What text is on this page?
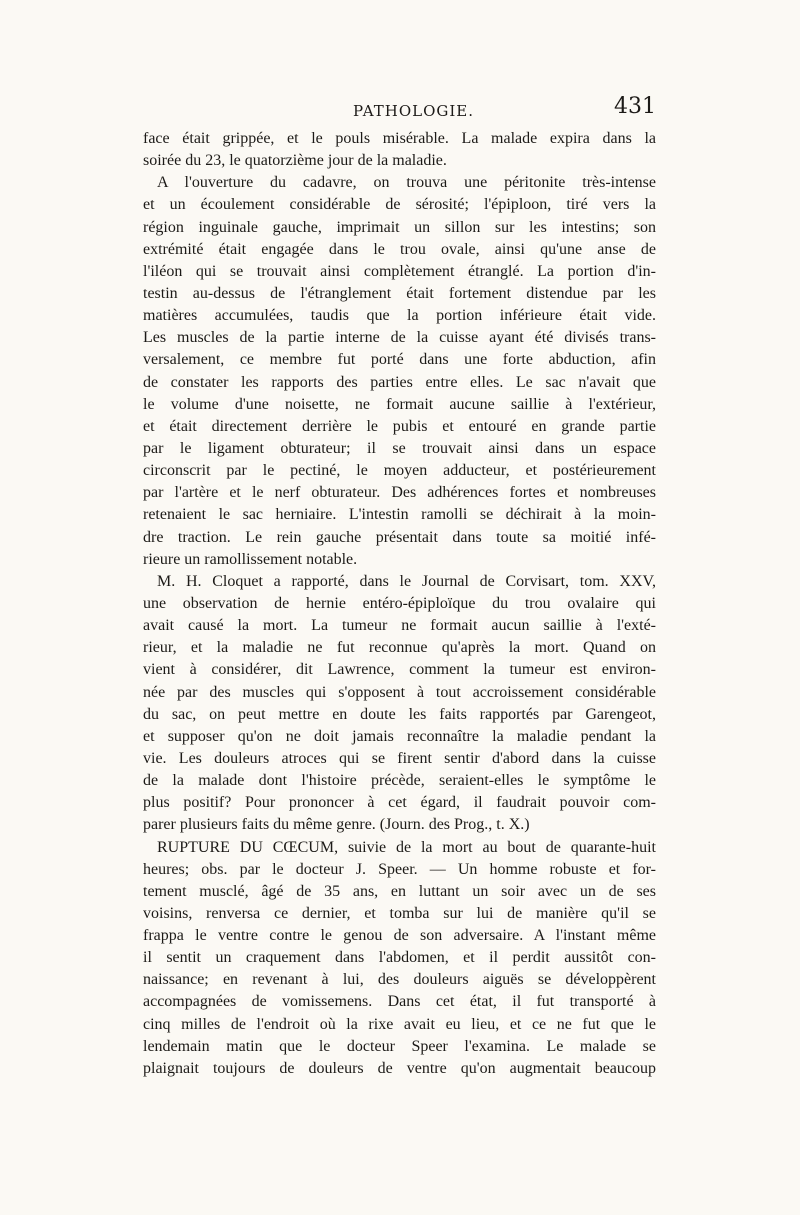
PATHOLOGIE.	431
face était grippée, et le pouls misérable. La malade expira dans la
soirée du 23, le quatorzième jour de la maladie.
A l'ouverture du cadavre, on trouva une péritonite très-intense
et un écoulement considérable de sérosité; l'épiploon, tiré vers la
région inguinale gauche, imprimait un sillon sur les intestins; son
extrémité était engagée dans le trou ovale, ainsi qu'une anse de
l'iléon qui se trouvait ainsi complètement étranglé. La portion d'in-
testin au-dessus de l'étranglement était fortement distendue par les
matières accumulées, taudis que la portion inférieure était vide.
Les muscles de la partie interne de la cuisse ayant été divisés trans-
versalement, ce membre fut porté dans une forte abduction, afin
de constater les rapports des parties entre elles. Le sac n'avait que
le volume d'une noisette, ne formait aucune saillie à l'extérieur,
et était directement derrière le pubis et entouré en grande partie
par le ligament obturateur; il se trouvait ainsi dans un espace
circonscrit par le pectiné, le moyen adducteur, et postérieurement
par l'artère et le nerf obturateur. Des adhérences fortes et nombreuses
retenaient le sac herniaire. L'intestin ramolli se déchirait à la moin-
dre traction. Le rein gauche présentait dans toute sa moitié infé-
rieure un ramollissement notable.
M. H. Cloquet a rapporté, dans le Journal de Corvisart, tom. XXV,
une observation de hernie entéro-épiploïque du trou ovalaire qui
avait causé la mort. La tumeur ne formait aucun saillie à l'exté-
rieur, et la maladie ne fut reconnue qu'après la mort. Quand on
vient à considérer, dit Lawrence, comment la tumeur est environ-
née par des muscles qui s'opposent à tout accroissement considérable
du sac, on peut mettre en doute les faits rapportés par Garengeot,
et supposer qu'on ne doit jamais reconnaître la maladie pendant la
vie. Les douleurs atroces qui se firent sentir d'abord dans la cuisse
de la malade dont l'histoire précède, seraient-elles le symptôme le
plus positif? Pour prononcer à cet égard, il faudrait pouvoir com-
parer plusieurs faits du même genre. (Journ. des Prog., t. X.)
RUPTURE DU CŒCUM, suivie de la mort au bout de quarante-huit
heures; obs. par le docteur J. Speer. — Un homme robuste et for-
tement musclé, âgé de 35 ans, en luttant un soir avec un de ses
voisins, renversa ce dernier, et tomba sur lui de manière qu'il se
frappa le ventre contre le genou de son adversaire. A l'instant même
il sentit un craquement dans l'abdomen, et il perdit aussitôt con-
naissance; en revenant à lui, des douleurs aiguës se développèrent
accompagnées de vomissemens. Dans cet état, il fut transporté à
cinq milles de l'endroit où la rixe avait eu lieu, et ce ne fut que le
lendemain matin que le docteur Speer l'examina. Le malade se
plaignait toujours de douleurs de ventre qu'on augmentait beaucoup
